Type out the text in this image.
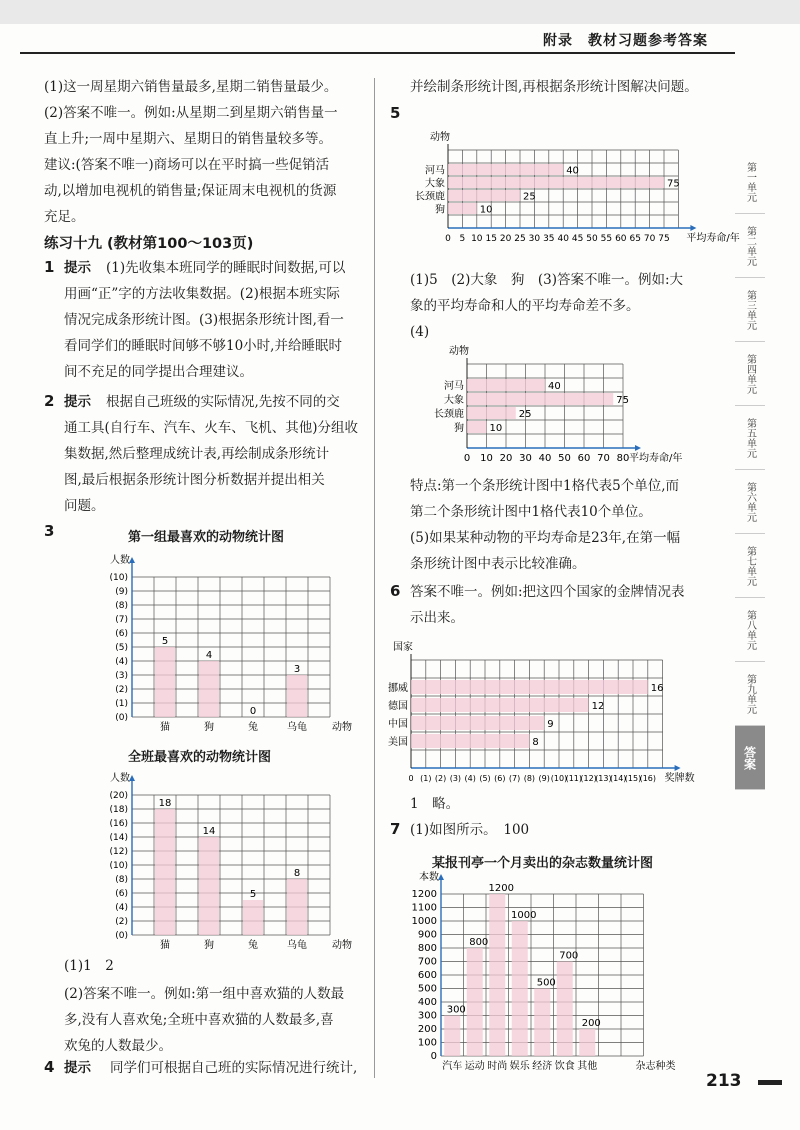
附录　教材习题参考答案
第一单元
第二单元
第三单元
第四单元
第五单元
第六单元
第七单元
第八单元
第九单元
答案
(1)这一周星期六销售量最多,星期二销售量最少。
(2)答案不唯一。例如:从星期二到星期六销售量一
直上升;一周中星期六、星期日的销售量较多等。
建议:(答案不唯一)商场可以在平时搞一些促销活
动,以增加电视机的销售量;保证周末电视机的货源
充足。
练习十九 (教材第100～103页)
1 提示 (1)先收集本班同学的睡眠时间数据,可以
用画“正”字的方法收集数据。(2)根据本班实际
情况完成条形统计图。(3)根据条形统计图,看一
看同学们的睡眠时间够不够10小时,并给睡眠时
间不充足的同学提出合理建议。
2 提示 根据自己班级的实际情况,先按不同的交
通工具(自行车、汽车、火车、飞机、其他)分组收
集数据,然后整理成统计表,再绘制成条形统计
图,最后根据条形统计图分析数据并提出相关
问题。
3	第一组最喜欢的动物统计图
人数
(0)
(1)
(2)
(3)
(4)
(5)
(6)
(7)
(8)
(9)
(10)
5
猫
4
狗
0
兔
3
乌龟	动物
全班最喜欢的动物统计图
人数
(0)
(2)
(4)
(6)
(8)
(10)
(12)
(14)
(16)
(18)
(20)
18
猫
14
狗
5
兔
8
乌龟	动物
(1)1　2
(2)答案不唯一。例如:第一组中喜欢猫的人数最
多,没有人喜欢兔;全班中喜欢猫的人数最多,喜
欢兔的人数最少。
4 提示 同学们可根据自己班的实际情况进行统计,
并绘制条形统计图,再根据条形统计图解决问题。
5
动物
0 5 10 15 20 25 30 35 40 45 50 55 60 65 70 75 平均寿命/年
河马	40
大象	75
长颈鹿	25
狗	10
(1)5　(2)大象　狗　(3)答案不唯一。例如:大
象的平均寿命和人的平均寿命差不多。
(4)
动物
0 10 20 30 40 50 60 70 80 平均寿命/年
河马	40
大象	75
长颈鹿	25
狗	10
特点:第一个条形统计图中1格代表5个单位,而
第二个条形统计图中1格代表10个单位。
(5)如果某种动物的平均寿命是23年,在第一幅
条形统计图中表示比较准确。
6 答案不唯一。例如:把这四个国家的金牌情况表
示出来。
国家
0 (1) (2) (3) (4) (5) (6) (7) (8) (9) (10)
(11)
(12)
(13)
(14)
(15)
(16) 奖牌数
挪威	16
德国	12
中国	9
美国	8
1　略。
7 (1)如图所示。　100
某报刊亭一个月卖出的杂志数量统计图
本数
0
100
200
300
400
500
600
700
800
900
1000
1100
1200
300
汽车
800
运动
1200
时尚
1000
娱乐
500
经济
700
饮食
200
其他	杂志种类
213
